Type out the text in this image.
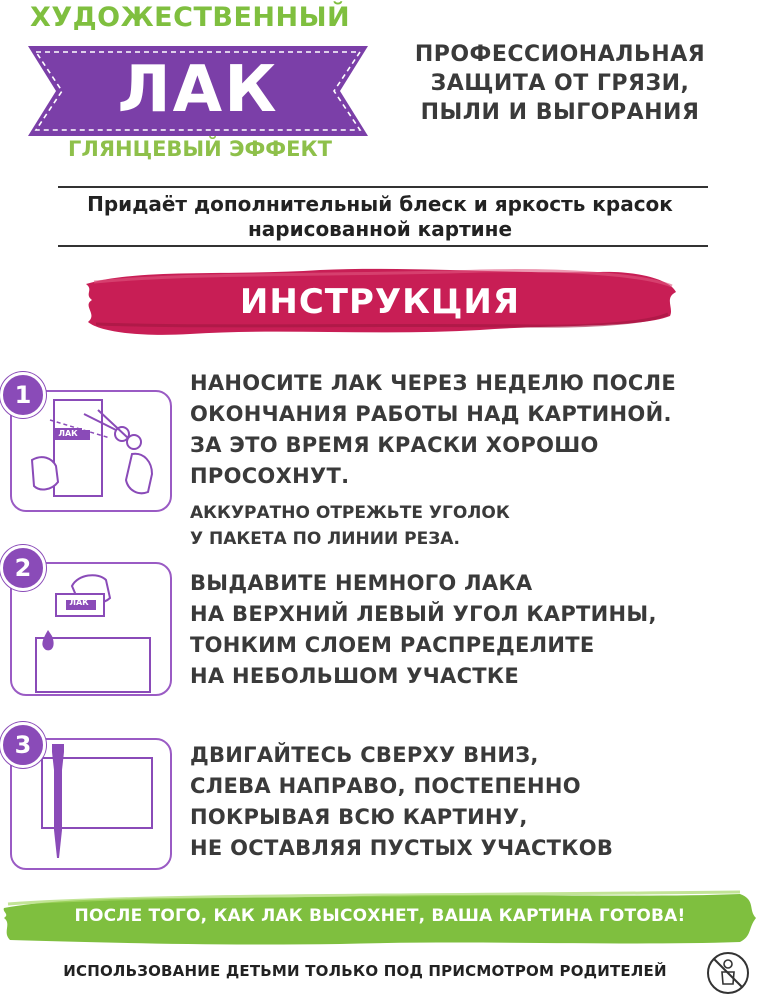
ХУДОЖЕСТВЕННЫЙ
ЛАК
ГЛЯНЦЕВЫЙ ЭФФЕКТ
ПРОФЕССИОНАЛЬНАЯ
ЗАЩИТА ОТ ГРЯЗИ,
ПЫЛИ И ВЫГОРАНИЯ
Придаёт дополнительный блеск и яркость красок
нарисованной картине
ИНСТРУКЦИЯ
ЛАК
1	НАНОСИТЕ ЛАК ЧЕРЕЗ НЕДЕЛЮ ПОСЛЕ
ОКОНЧАНИЯ РАБОТЫ НАД КАРТИНОЙ.
ЗА ЭТО ВРЕМЯ КРАСКИ ХОРОШО
ПРОСОХНУТ.
АККУРАТНО ОТРЕЖЬТЕ УГОЛОК
У ПАКЕТА ПО ЛИНИИ РЕЗА.
ЛАК
2
ВЫДАВИТЕ НЕМНОГО ЛАКА
НА ВЕРХНИЙ ЛЕВЫЙ УГОЛ КАРТИНЫ,
ТОНКИМ СЛОЕМ РАСПРЕДЕЛИТЕ
НА НЕБОЛЬШОМ УЧАСТКЕ
3	ДВИГАЙТЕСЬ СВЕРХУ ВНИЗ,
СЛЕВА НАПРАВО, ПОСТЕПЕННО
ПОКРЫВАЯ ВСЮ КАРТИНУ,
НЕ ОСТАВЛЯЯ ПУСТЫХ УЧАСТКОВ
ПОСЛЕ ТОГО, КАК ЛАК ВЫСОХНЕТ, ВАША КАРТИНА ГОТОВА!
ИСПОЛЬЗОВАНИЕ ДЕТЬМИ ТОЛЬКО ПОД ПРИСМОТРОМ РОДИТЕЛЕЙ
